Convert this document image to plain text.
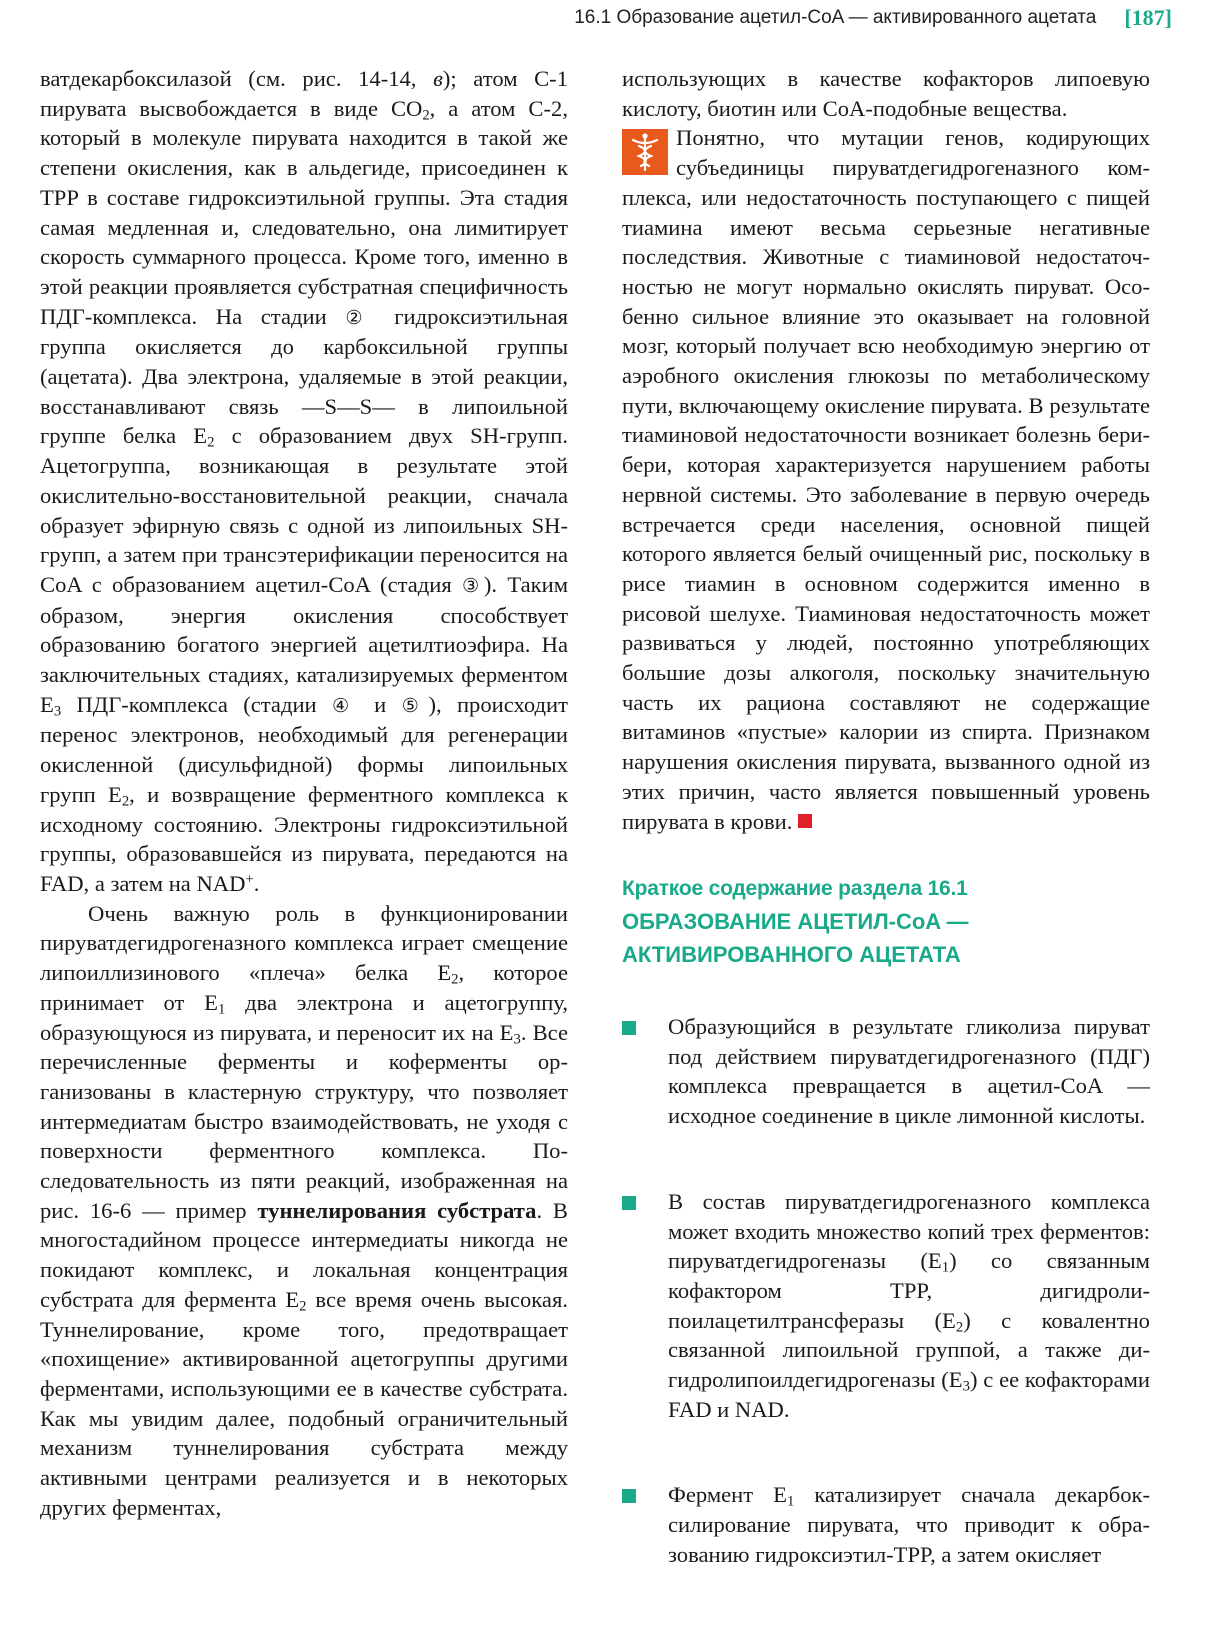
16.1 Образование ацетил-CoA — активированного ацетата [187]

ватдекарбоксилазой (см. рис. 14-14, в); атом C-1 пирувата высвобождается в виде $CO_2$, а атом C-2, который в молекуле пирувата находится в такой же степени окисления, как в альдегиде, присоединен к TPP в составе гидроксиэтильной группы. Эта стадия самая медленная и, следовательно, она лимитирует скорость суммарного процесса. Кроме того, именно в этой реакции проявляется субстратная специфичность ПДГ-комплекса. На стадии ② гидроксиэтильная группа окисляется до карбоксильной группы (ацетата). Два электрона, удаляемые в этой реакции, восстанавливают связь —S—S— в липоильной группе белка $E_2$ с образованием двух SH-групп. Ацетогруппа, возникающая в результате этой окислительно-восстановительной реакции, сначала образует эфирную связь с одной из липоильных SH-групп, а затем при трансэтерификации переносится на CoA с образованием ацетил-CoA (стадия ③). Таким образом, энергия окисления способствует образованию богатого энергией ацетилтиоэфира. На заключительных стадиях, катализируемых ферментом $E_3$ ПДГ-комплекса (стадии ④ и ⑤), происходит перенос электронов, необходимый для регенерации окисленной (дисульфидной) формы липоильных групп $E_2$, и возвращение ферментного комплекса к исходному состоянию. Электроны гидроксиэтильной группы, образовавшейся из пирувата, передаются на FAD, а затем на NAD+.

Очень важную роль в функционировании пируватдегидрогеназного комплекса играет смещение липоиллизинового «плеча» белка $E_2$, которое принимает от $E_1$ два электрона и ацетогруппу, образующуюся из пирувата, и переносит их на $E_3$. Все перечисленные ферменты и коферменты организованы в кластерную структуру, что позволяет интермедиатам быстро взаимодействовать, не уходя с поверхности ферментного комплекса. Последовательность из пяти реакций, изображенная на рис. 16-6 — пример туннелирования субстрата. В многостадийном процессе интермедиаты никогда не покидают комплекс, и локальная концентрация субстрата для фермента $E_2$ все время очень высокая. Туннелирование, кроме того, предотвращает «похищение» активированной ацетогруппы другими ферментами, использующими ее в качестве субстрата. Как мы увидим далее, подобный ограничительный механизм туннелирования субстрата между активными центрами реализуется и в некоторых других ферментах,

использующих в качестве кофакторов липоевую кислоту, биотин или CoA-подобные вещества.

Понятно, что мутации генов, кодирующих субъединицы пируватдегидрогеназного комплекса, или недостаточность поступающего с пищей тиамина имеют весьма серьезные негативные последствия. Животные с тиаминовой недостаточностью не могут нормально окислять пируват. Особенно сильное влияние это оказывает на головной мозг, который получает всю необходимую энергию от аэробного окисления глюкозы по метаболическому пути, включающему окисление пирувата. В результате тиаминовой недостаточности возникает болезнь бери-бери, которая характеризуется нарушением работы нервной системы. Это заболевание в первую очередь встречается среди населения, основной пищей которого является белый очищенный рис, поскольку в рисе тиамин в основном содержится именно в рисовой шелухе. Тиаминовая недостаточность может развиваться у людей, постоянно употребляющих большие дозы алкоголя, поскольку значительную часть их рациона составляют не содержащие витаминов «пустые» калории из спирта. Признаком нарушения окисления пирувата, вызванного одной из этих причин, часто является повышенный уровень пирувата в крови.

Краткое содержание раздела 16.1
ОБРАЗОВАНИЕ АЦЕТИЛ-CoA —
АКТИВИРОВАННОГО АЦЕТАТА
Образующийся в результате гликолиза пируват под действием пируватдегидрогеназного (ПДГ) комплекса превращается в ацетил-CoA — исходное соединение в цикле лимонной кислоты.
В состав пируватдегидрогеназного комплекса может входить множество копий трех ферментов: пируватдегидрогеназы $(E_1)$ со связанным кофактором TPP, дигидролипоилацетилтрансферазы $(E_2)$ с ковалентно связанной липоильной группой, а также дигидролипоилдегидрогеназы $(E_3)$ с ее кофакторами FAD и NAD.
Фермент $E_1$ катализирует сначала декарбоксилирование пирувата, что приводит к образованию гидроксиэтил-TPP, а затем окисляет
